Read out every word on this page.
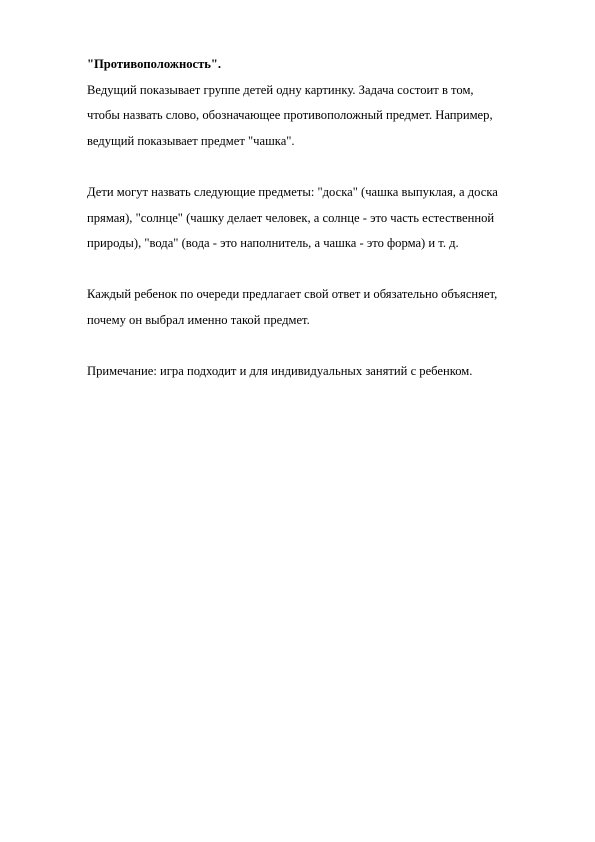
"Противоположность".
Ведущий показывает группе детей одну картинку. Задача состоит в том,
чтобы назвать слово, обозначающее противоположный предмет. Например,
ведущий показывает предмет "чашка".
Дети могут назвать следующие предметы: "доска" (чашка выпуклая, а доска
прямая), "солнце" (чашку делает человек, а солнце - это часть естественной
природы), "вода" (вода - это наполнитель, а чашка - это форма) и т. д.
Каждый ребенок по очереди предлагает свой ответ и обязательно объясняет,
почему он выбрал именно такой предмет.
Примечание: игра подходит и для индивидуальных занятий с ребенком.
